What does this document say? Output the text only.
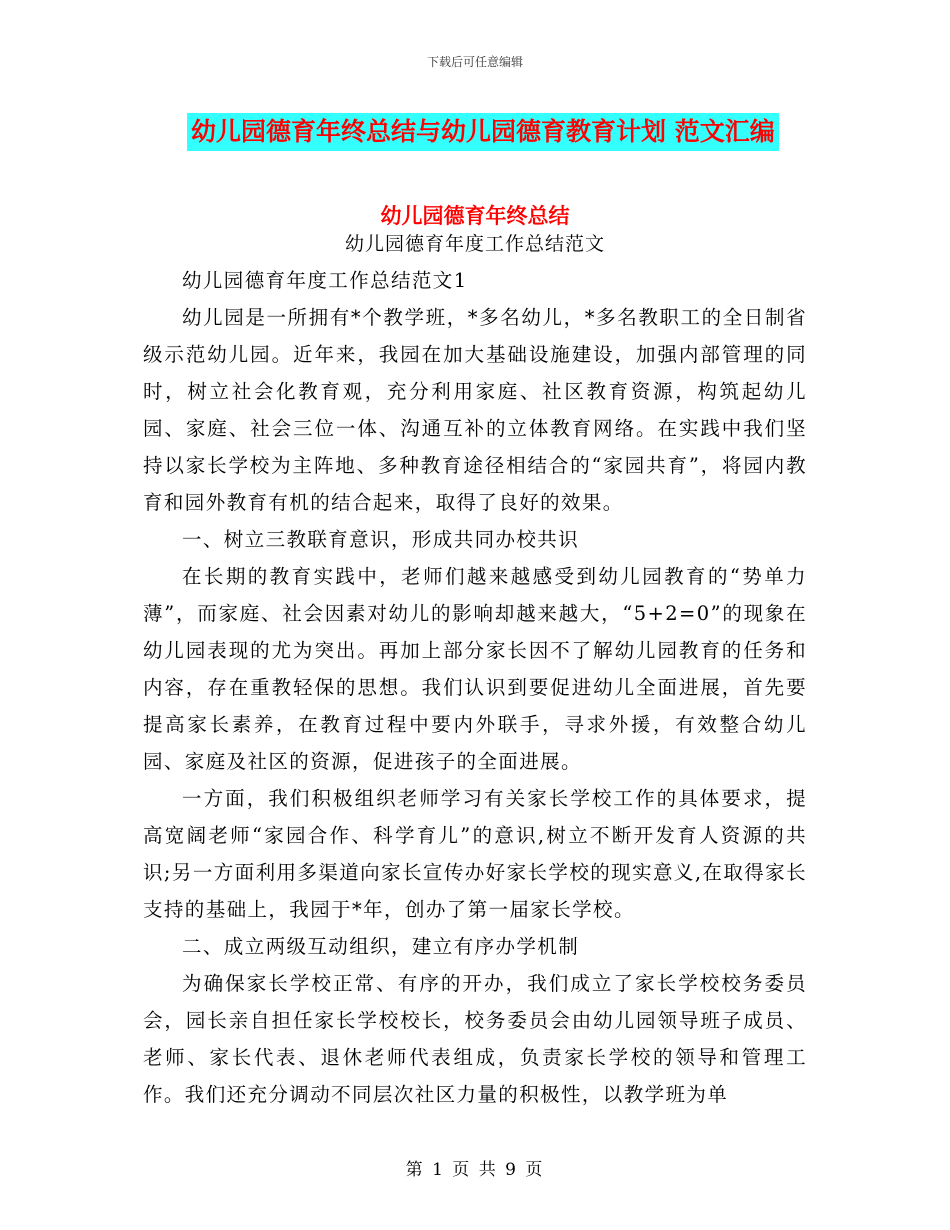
下载后可任意编辑
幼儿园德育年终总结与幼儿园德育教育计划 范文汇编
幼儿园德育年终总结
幼儿园德育年度工作总结范文

幼儿园德育年度工作总结范文1

幼儿园是一所拥有*个教学班，*多名幼儿，*多名教职工的全日制省级示范幼儿园。近年来，我园在加大基础设施建设，加强内部管理的同时，树立社会化教育观，充分利用家庭、社区教育资源，构筑起幼儿园、家庭、社会三位一体、沟通互补的立体教育网络。在实践中我们坚持以家长学校为主阵地、多种教育途径相结合的“家园共育”，将园内教育和园外教育有机的结合起来，取得了良好的效果。

一、树立三教联育意识，形成共同办校共识

在长期的教育实践中，老师们越来越感受到幼儿园教育的“势单力薄”，而家庭、社会因素对幼儿的影响却越来越大，“5+2=0”的现象在幼儿园表现的尤为突出。再加上部分家长因不了解幼儿园教育的任务和内容，存在重教轻保的思想。我们认识到要促进幼儿全面进展，首先要提高家长素养，在教育过程中要内外联手，寻求外援，有效整合幼儿园、家庭及社区的资源，促进孩子的全面进展。

一方面，我们积极组织老师学习有关家长学校工作的具体要求，提高宽阔老师“家园合作、科学育儿”的意识,树立不断开发育人资源的共识;另一方面利用多渠道向家长宣传办好家长学校的现实意义,在取得家长支持的基础上，我园于*年，创办了第一届家长学校。

二、成立两级互动组织，建立有序办学机制

为确保家长学校正常、有序的开办，我们成立了家长学校校务委员会，园长亲自担任家长学校校长，校务委员会由幼儿园领导班子成员、老师、家长代表、退休老师代表组成，负责家长学校的领导和管理工作。我们还充分调动不同层次社区力量的积极性，以教学班为单

第 1 页 共 9 页
